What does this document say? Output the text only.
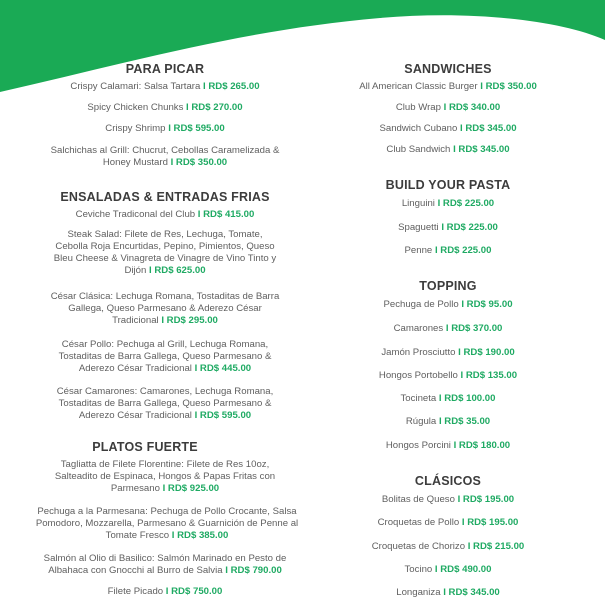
PARA PICAR
Crispy Calamari: Salsa Tartara I RD$ 265.00
Spicy Chicken Chunks I RD$ 270.00
Crispy Shrimp I RD$ 595.00
Salchichas al Grill: Chucrut, Cebollas Caramelizada & Honey Mustard I RD$ 350.00
ENSALADAS & ENTRADAS FRIAS
Ceviche Tradiconal del Club I RD$ 415.00
Steak Salad: Filete de Res, Lechuga, Tomate, Cebolla Roja Encurtidas, Pepino, Pimientos, Queso Bleu Cheese & Vinagreta de Vinagre de Vino Tinto y Dijón I RD$ 625.00
César Clásica: Lechuga Romana, Tostaditas de Barra Gallega, Queso Parmesano & Aderezo César Tradicional I RD$ 295.00
César Pollo: Pechuga al Grill, Lechuga Romana, Tostaditas de Barra Gallega, Queso Parmesano & Aderezo César Tradicional I RD$ 445.00
César Camarones: Camarones, Lechuga Romana, Tostaditas de Barra Gallega, Queso Parmesano & Aderezo César Tradicional I RD$ 595.00
PLATOS FUERTE
Tagliatta de Filete Florentine: Filete de Res 10oz, Salteadito de Espinaca, Hongos & Papas Fritas con Parmesano I RD$ 925.00
Pechuga a la Parmesana: Pechuga de Pollo Crocante, Salsa Pomodoro, Mozzarella, Parmesano & Guarnición de Penne al Tomate Fresco I RD$ 385.00
Salmón al Olio di Basilico: Salmón Marinado en Pesto de Albahaca con Gnocchi al Burro de Salvia I RD$ 790.00
Filete Picado I RD$ 750.00
SANDWICHES
All American Classic Burger I RD$ 350.00
Club Wrap I RD$ 340.00
Sandwich Cubano I RD$ 345.00
Club Sandwich I RD$ 345.00
BUILD YOUR PASTA
Linguini I RD$ 225.00
Spaguetti I RD$ 225.00
Penne I RD$ 225.00
TOPPING
Pechuga de Pollo I RD$ 95.00
Camarones I RD$ 370.00
Jamón Prosciutto I RD$ 190.00
Hongos Portobello I RD$ 135.00
Tocineta I RD$ 100.00
Rúgula I RD$ 35.00
Hongos Porcini I RD$ 180.00
CLÁSICOS
Bolitas de Queso I RD$ 195.00
Croquetas de Pollo I RD$ 195.00
Croquetas de Chorizo I RD$ 215.00
Tocino I RD$ 490.00
Longaniza I RD$ 345.00
